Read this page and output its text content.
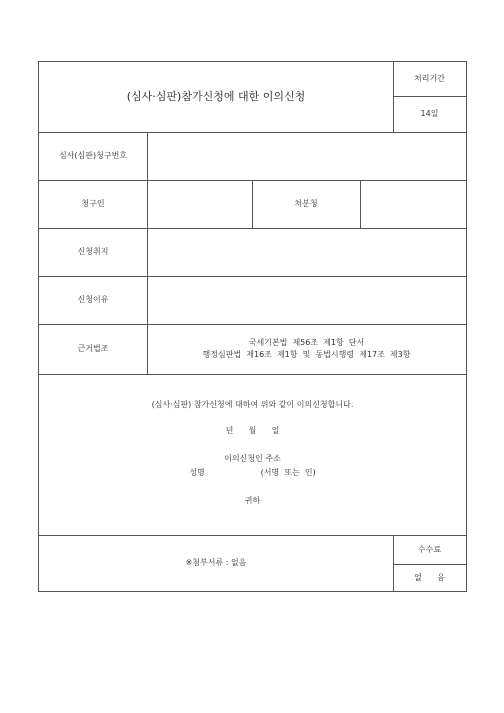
(심사·심판)참가신청에 대한 이의신청
처리기간
14일
심사(심판)청구번호
청구인	처분청
신청취지
신청이유
근거법조
국세기본법  제56조  제1항  단서
행정심판법  제16조  제1항  및  동법시행령  제17조  제3항
(심사·심판) 참가신청에 대하여 위와 같이 이의신청합니다.
년      월      일
이의신청인 주소
성명                      (서명  또는  인)
귀하
※첨부서류 : 없음
수수료
없      음
